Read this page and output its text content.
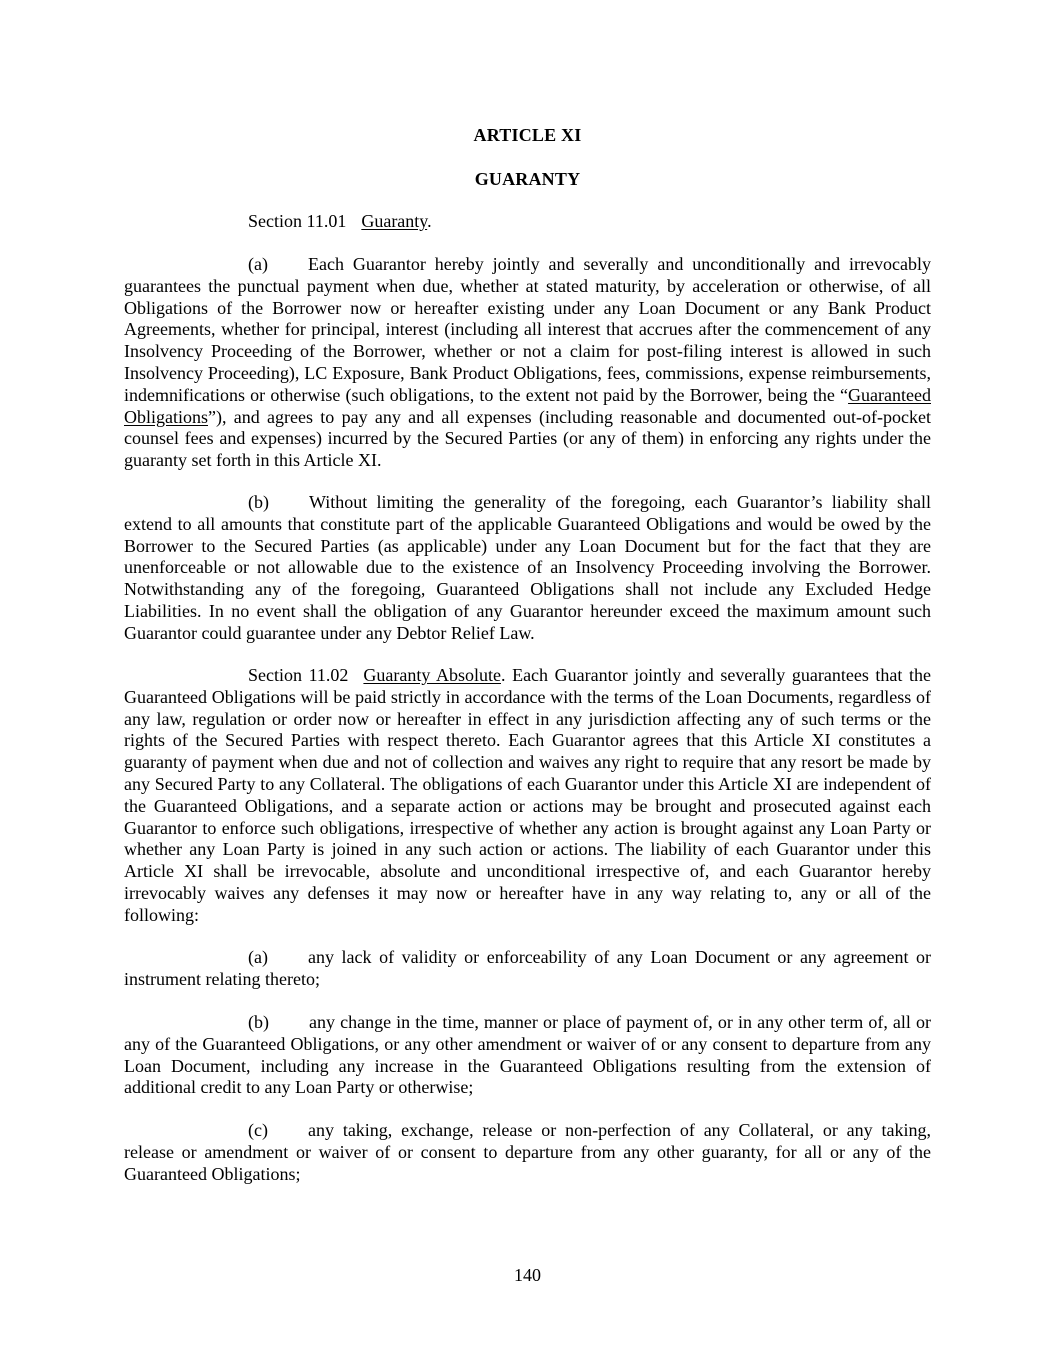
ARTICLE XI
GUARANTY
Section 11.01 Guaranty.
(a) Each Guarantor hereby jointly and severally and unconditionally and irrevocably guarantees the punctual payment when due, whether at stated maturity, by acceleration or otherwise, of all Obligations of the Borrower now or hereafter existing under any Loan Document or any Bank Product Agreements, whether for principal, interest (including all interest that accrues after the commencement of any Insolvency Proceeding of the Borrower, whether or not a claim for post-filing interest is allowed in such Insolvency Proceeding), LC Exposure, Bank Product Obligations, fees, commissions, expense reimbursements, indemnifications or otherwise (such obligations, to the extent not paid by the Borrower, being the “Guaranteed Obligations”), and agrees to pay any and all expenses (including reasonable and documented out-of-pocket counsel fees and expenses) incurred by the Secured Parties (or any of them) in enforcing any rights under the guaranty set forth in this Article XI.
(b) Without limiting the generality of the foregoing, each Guarantor’s liability shall extend to all amounts that constitute part of the applicable Guaranteed Obligations and would be owed by the Borrower to the Secured Parties (as applicable) under any Loan Document but for the fact that they are unenforceable or not allowable due to the existence of an Insolvency Proceeding involving the Borrower. Notwithstanding any of the foregoing, Guaranteed Obligations shall not include any Excluded Hedge Liabilities. In no event shall the obligation of any Guarantor hereunder exceed the maximum amount such Guarantor could guarantee under any Debtor Relief Law.
Section 11.02 Guaranty Absolute. Each Guarantor jointly and severally guarantees that the Guaranteed Obligations will be paid strictly in accordance with the terms of the Loan Documents, regardless of any law, regulation or order now or hereafter in effect in any jurisdiction affecting any of such terms or the rights of the Secured Parties with respect thereto. Each Guarantor agrees that this Article XI constitutes a guaranty of payment when due and not of collection and waives any right to require that any resort be made by any Secured Party to any Collateral. The obligations of each Guarantor under this Article XI are independent of the Guaranteed Obligations, and a separate action or actions may be brought and prosecuted against each Guarantor to enforce such obligations, irrespective of whether any action is brought against any Loan Party or whether any Loan Party is joined in any such action or actions. The liability of each Guarantor under this Article XI shall be irrevocable, absolute and unconditional irrespective of, and each Guarantor hereby irrevocably waives any defenses it may now or hereafter have in any way relating to, any or all of the following:
(a) any lack of validity or enforceability of any Loan Document or any agreement or instrument relating thereto;
(b) any change in the time, manner or place of payment of, or in any other term of, all or any of the Guaranteed Obligations, or any other amendment or waiver of or any consent to departure from any Loan Document, including any increase in the Guaranteed Obligations resulting from the extension of additional credit to any Loan Party or otherwise;
(c) any taking, exchange, release or non-perfection of any Collateral, or any taking, release or amendment or waiver of or consent to departure from any other guaranty, for all or any of the Guaranteed Obligations;
140
